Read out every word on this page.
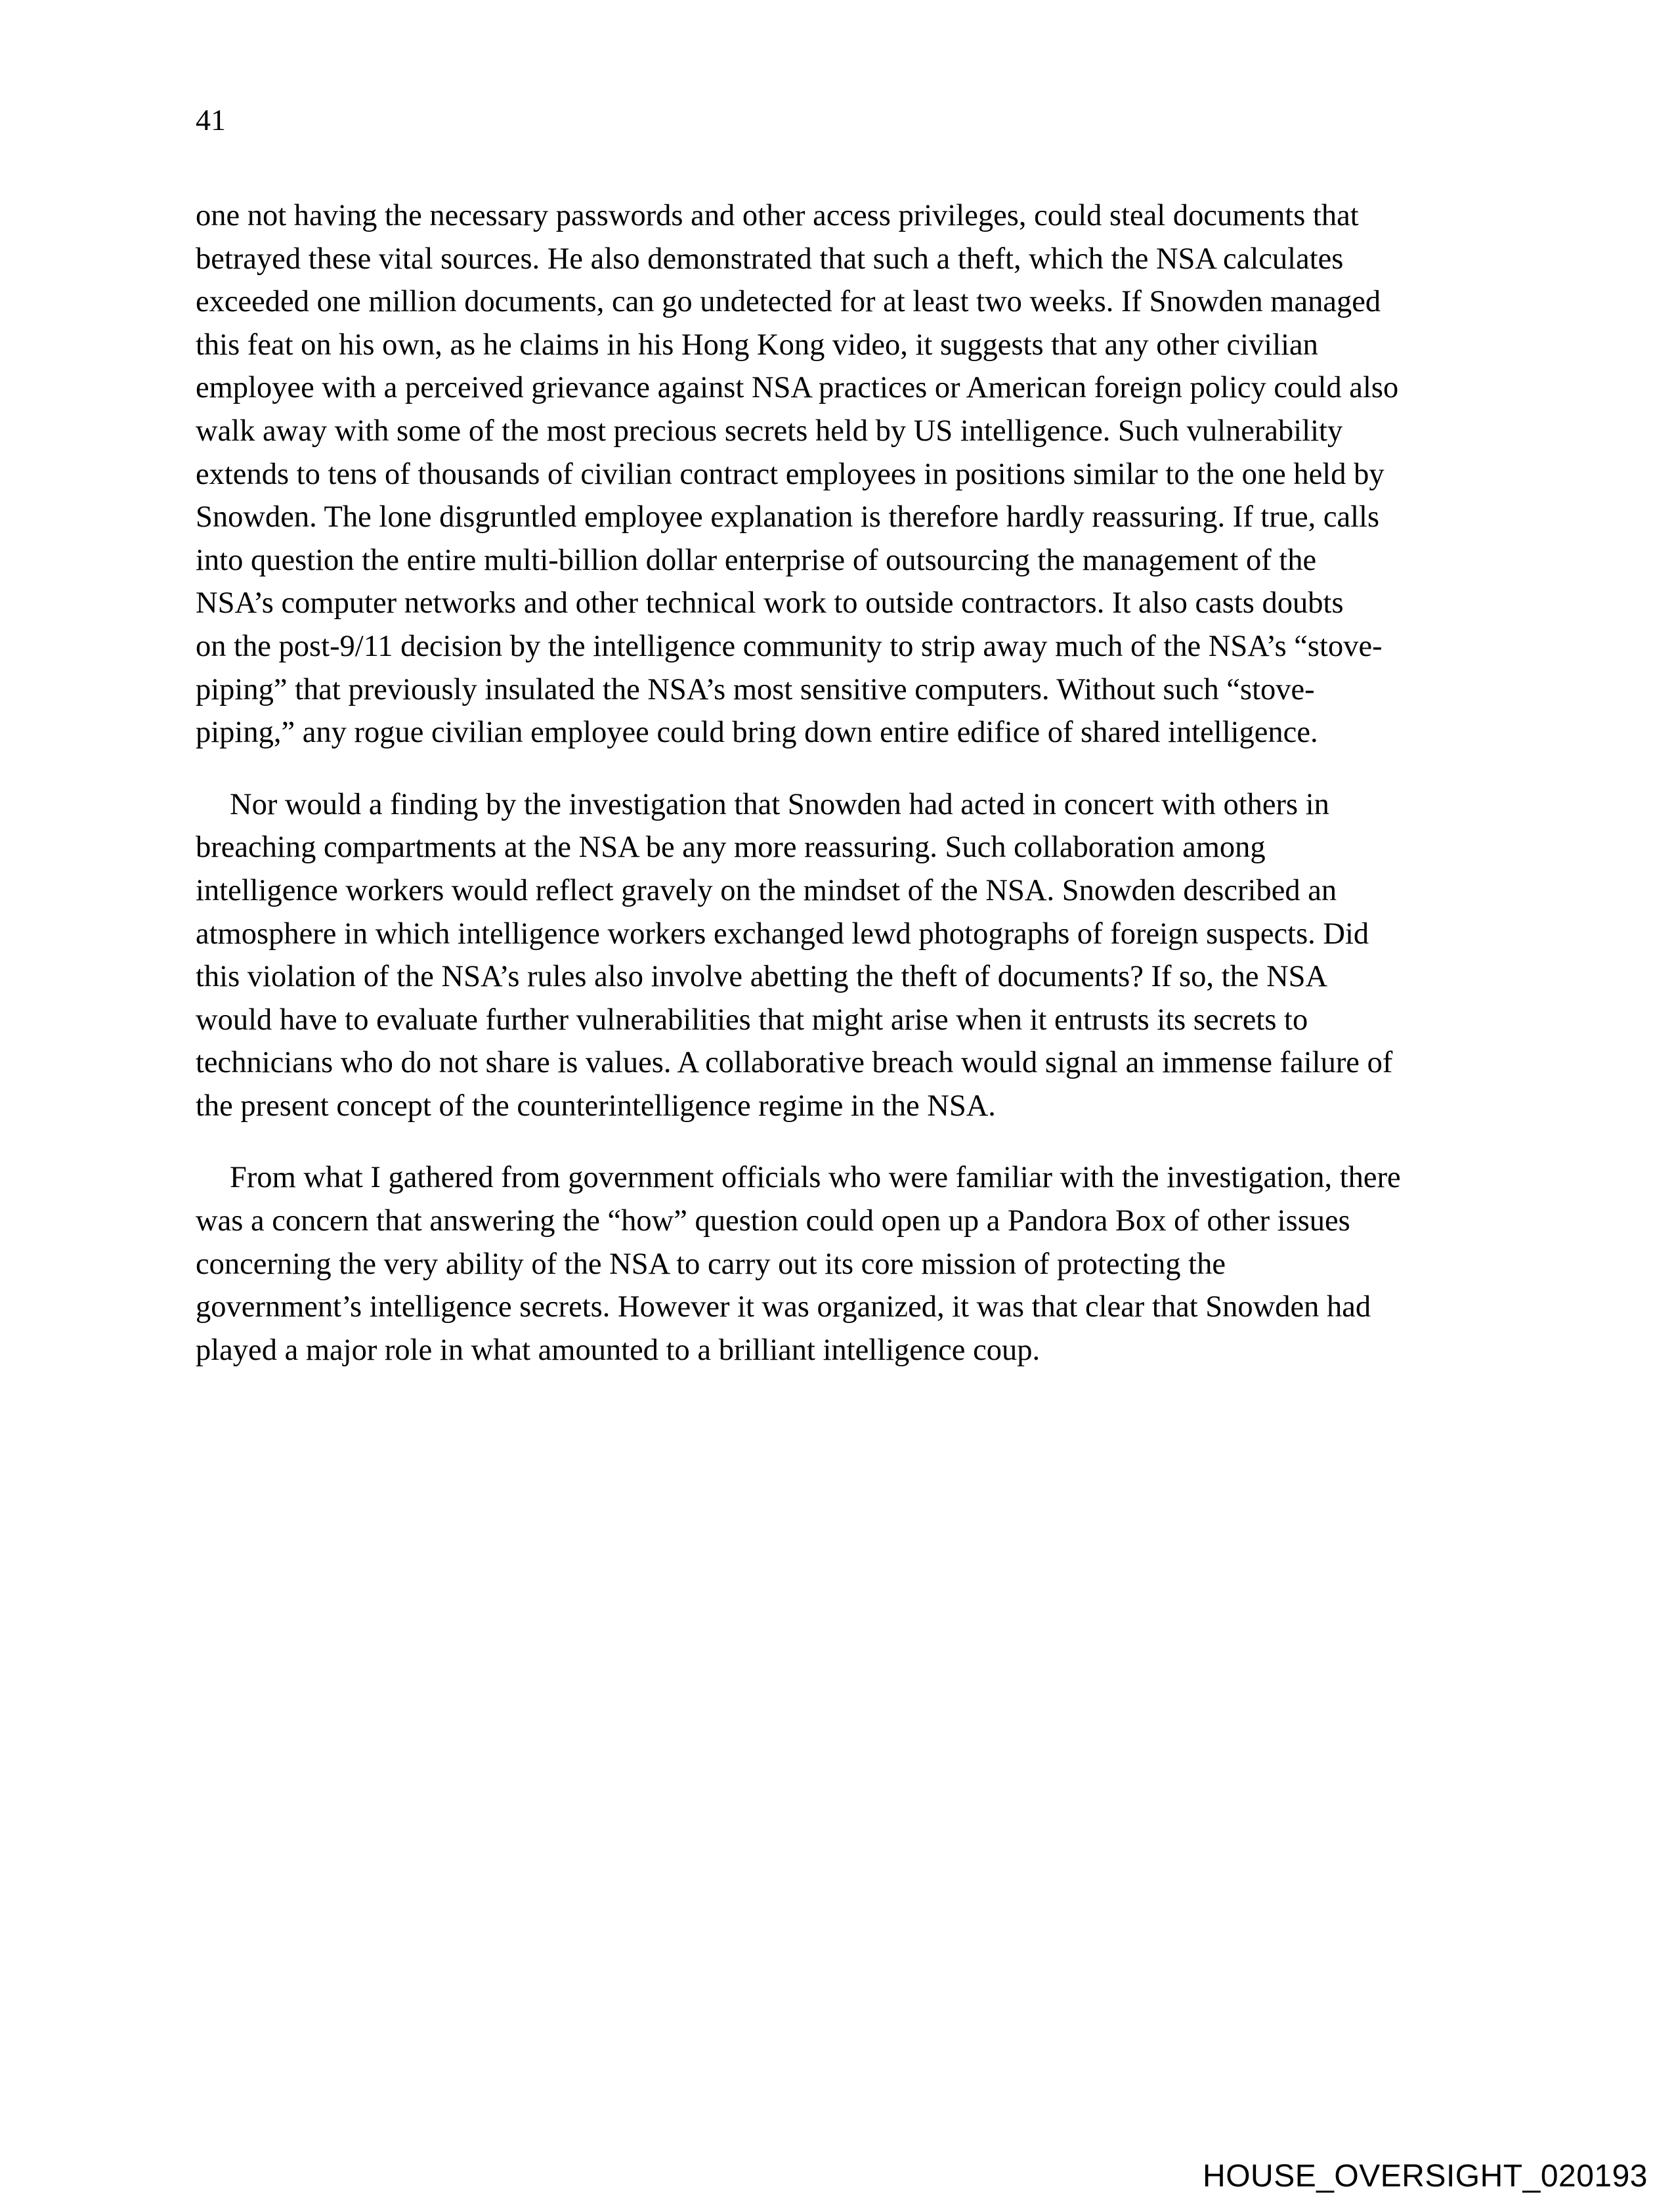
41
one not having the necessary passwords and other access privileges, could steal documents that
betrayed these vital sources. He also demonstrated that such a theft, which the NSA calculates
exceeded one million documents, can go undetected for at least two weeks. If Snowden managed
this feat on his own, as he claims in his Hong Kong video, it suggests that any other civilian
employee with a perceived grievance against NSA practices or American foreign policy could also
walk away with some of the most precious secrets held by US intelligence. Such vulnerability
extends to tens of thousands of civilian contract employees in positions similar to the one held by
Snowden. The lone disgruntled employee explanation is therefore hardly reassuring. If true, calls
into question the entire multi-billion dollar enterprise of outsourcing the management of the
NSA’s computer networks and other technical work to outside contractors. It also casts doubts
on the post-9/11 decision by the intelligence community to strip away much of the NSA’s “stove-
piping” that previously insulated the NSA’s most sensitive computers. Without such “stove-
piping,” any rogue civilian employee could bring down entire edifice of shared intelligence.
Nor would a finding by the investigation that Snowden had acted in concert with others in
breaching compartments at the NSA be any more reassuring. Such collaboration among
intelligence workers would reflect gravely on the mindset of the NSA. Snowden described an
atmosphere in which intelligence workers exchanged lewd photographs of foreign suspects. Did
this violation of the NSA’s rules also involve abetting the theft of documents? If so, the NSA
would have to evaluate further vulnerabilities that might arise when it entrusts its secrets to
technicians who do not share is values. A collaborative breach would signal an immense failure of
the present concept of the counterintelligence regime in the NSA.
From what I gathered from government officials who were familiar with the investigation, there
was a concern that answering the “how” question could open up a Pandora Box of other issues
concerning the very ability of the NSA to carry out its core mission of protecting the
government’s intelligence secrets. However it was organized, it was that clear that Snowden had
played a major role in what amounted to a brilliant intelligence coup.
HOUSE_OVERSIGHT_020193
